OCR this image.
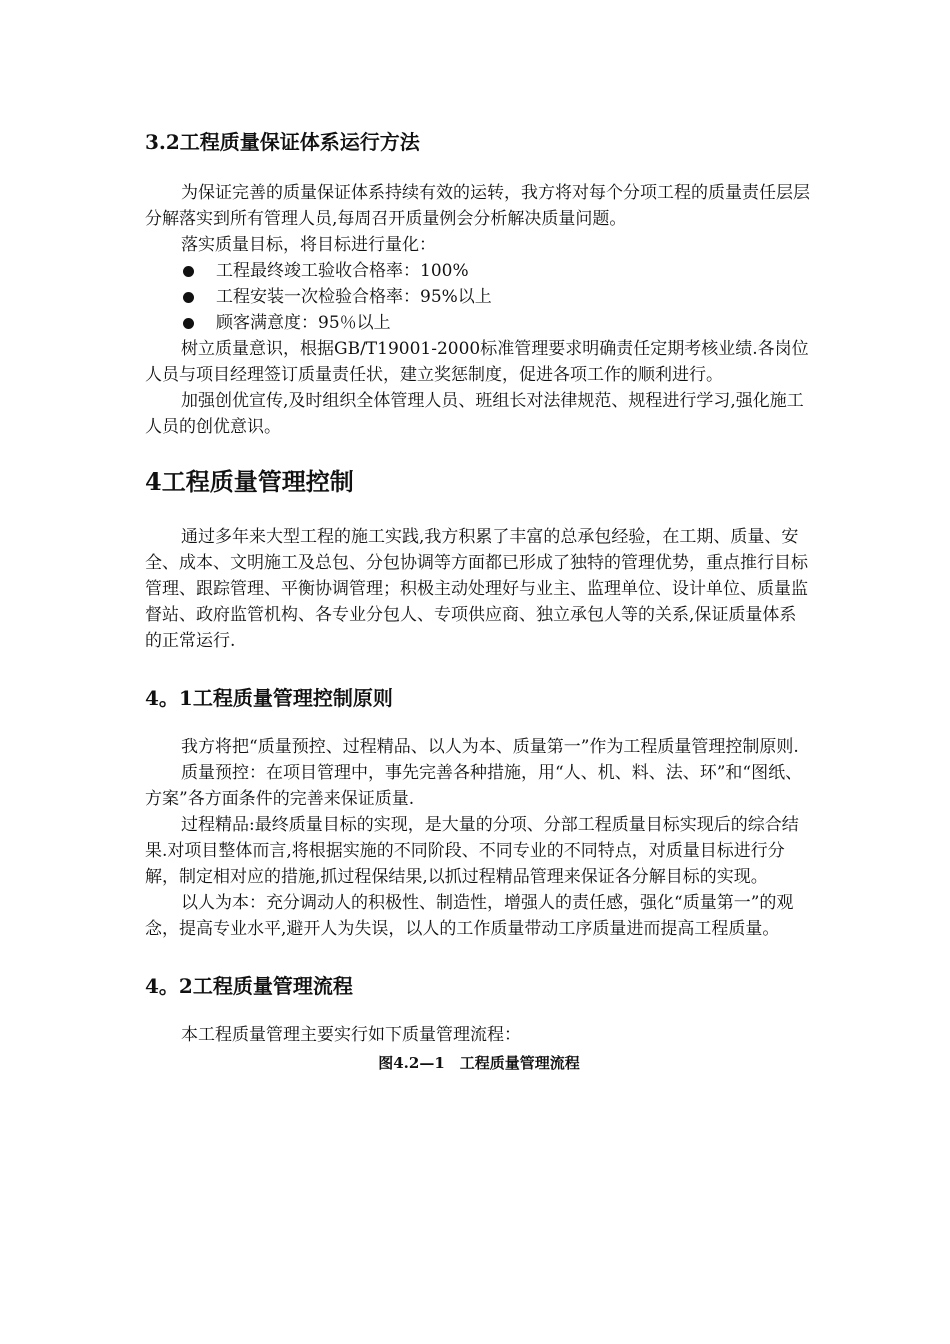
3.2工程质量保证体系运行方法

为保证完善的质量保证体系持续有效的运转，我方将对每个分项工程的质量责任层层分解落实到所有管理人员,每周召开质量例会分析解决质量问题。

落实质量目标，将目标进行量化：

工程最终竣工验收合格率：100%
工程安装一次检验合格率：95%以上
顾客满意度：95％以上

树立质量意识，根据GB/T19001-2000标准管理要求明确责任定期考核业绩.各岗位人员与项目经理签订质量责任状，建立奖惩制度，促进各项工作的顺利进行。

加强创优宣传,及时组织全体管理人员、班组长对法律规范、规程进行学习,强化施工人员的创优意识。

4工程质量管理控制

通过多年来大型工程的施工实践,我方积累了丰富的总承包经验，在工期、质量、安全、成本、文明施工及总包、分包协调等方面都已形成了独特的管理优势，重点推行目标管理、跟踪管理、平衡协调管理；积极主动处理好与业主、监理单位、设计单位、质量监督站、政府监管机构、各专业分包人、专项供应商、独立承包人等的关系,保证质量体系的正常运行.

4。1工程质量管理控制原则

我方将把“质量预控、过程精品、以人为本、质量第一”作为工程质量管理控制原则.

质量预控：在项目管理中，事先完善各种措施，用“人、机、料、法、环”和“图纸、方案”各方面条件的完善来保证质量.

过程精品:最终质量目标的实现，是大量的分项、分部工程质量目标实现后的综合结果.对项目整体而言,将根据实施的不同阶段、不同专业的不同特点，对质量目标进行分解，制定相对应的措施,抓过程保结果,以抓过程精品管理来保证各分解目标的实现。

以人为本：充分调动人的积极性、制造性，增强人的责任感，强化“质量第一”的观念，提高专业水平,避开人为失误，以人的工作质量带动工序质量进而提高工程质量。

4。2工程质量管理流程

本工程质量管理主要实行如下质量管理流程：

图4.2—1　工程质量管理流程
